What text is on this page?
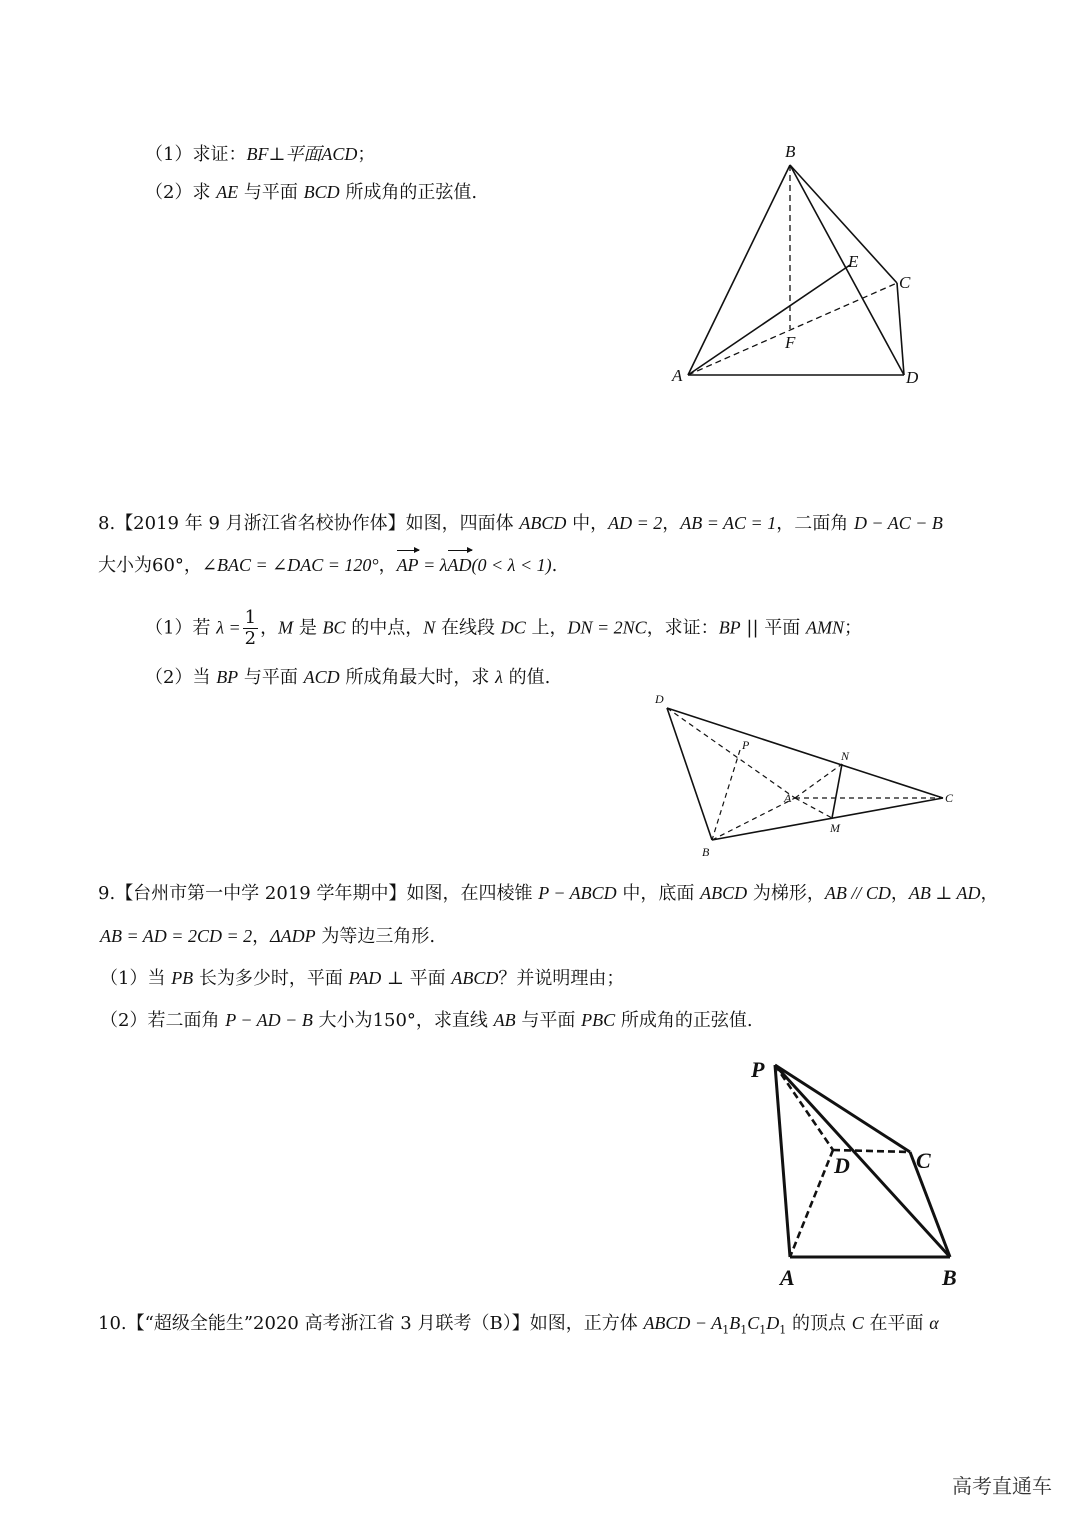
（1）求证：BF⊥平面ACD；
（2）求 AE 与平面 BCD 所成角的正弦值.
B
E
C
F
A	D
8.【2019 年 9 月浙江省名校协作体】如图，四面体 ABCD 中，AD = 2，AB = AC = 1，二面角 D − AC − B
大小为60°，∠BAC = ∠DAC = 120°，AP = λAD(0 < λ < 1).
（1）若 $\lambda = \frac{1}{2}$ ，M 是 BC 的中点，N 在线段 DC 上，DN = 2NC，求证：BP || 平面 AMN；
（2）当 BP 与平面 ACD 所成角最大时，求 λ 的值.
D
P
N
A	C
M
B
9.【台州市第一中学 2019 学年期中】如图，在四棱锥 P − ABCD 中，底面 ABCD 为梯形，AB // CD，AB ⊥ AD，
AB = AD = 2CD = 2，ΔADP 为等边三角形.
（1）当 PB 长为多少时，平面 PAD ⊥ 平面 ABCD？并说明理由；
（2）若二面角 P − AD − B 大小为150°，求直线 AB 与平面 PBC 所成角的正弦值.
P
D	C
A	B
10.【“超级全能生”2020 高考浙江省 3 月联考（B）】如图，正方体 ABCD − $A_1B_1C_1D_1$ 的顶点 C 在平面 α
高考直通车
